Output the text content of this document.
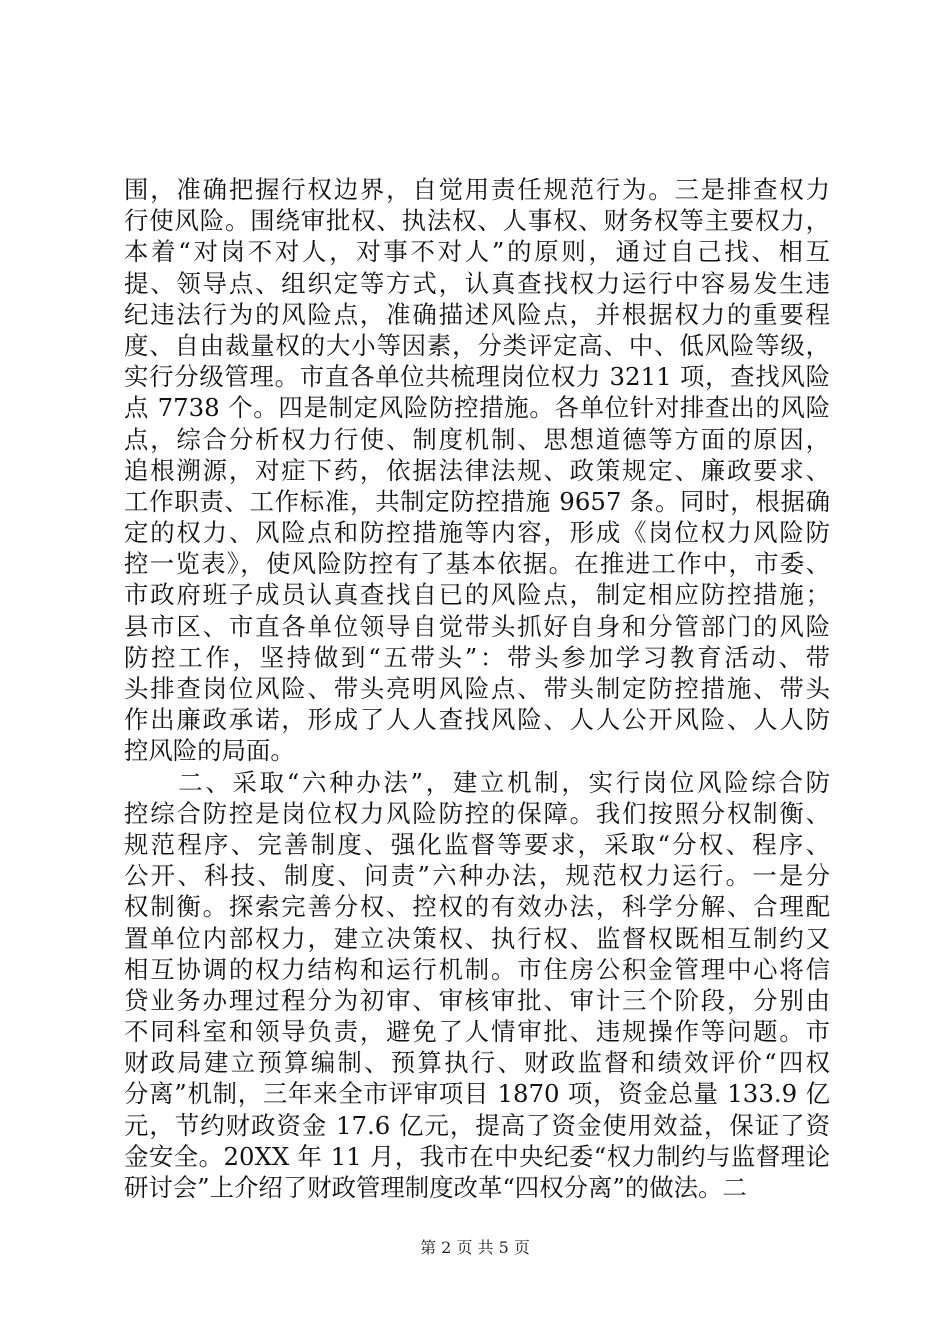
围，准确把握行权边界，自觉用责任规范行为。三是排查权力
行使风险。围绕审批权、执法权、人事权、财务权等主要权力，
本着“对岗不对人，对事不对人”的原则，通过自己找、相互
提、领导点、组织定等方式，认真查找权力运行中容易发生违
纪违法行为的风险点，准确描述风险点，并根据权力的重要程
度、自由裁量权的大小等因素，分类评定高、中、低风险等级，
实行分级管理。市直各单位共梳理岗位权力 3211 项，查找风险
点 7738 个。四是制定风险防控措施。各单位针对排查出的风险
点，综合分析权力行使、制度机制、思想道德等方面的原因，
追根溯源，对症下药，依据法律法规、政策规定、廉政要求、
工作职责、工作标准，共制定防控措施 9657 条。同时，根据确
定的权力、风险点和防控措施等内容，形成《岗位权力风险防
控一览表》，使风险防控有了基本依据。在推进工作中，市委、
市政府班子成员认真查找自已的风险点，制定相应防控措施；
县市区、市直各单位领导自觉带头抓好自身和分管部门的风险
防控工作，坚持做到“五带头”：带头参加学习教育活动、带
头排查岗位风险、带头亮明风险点、带头制定防控措施、带头
作出廉政承诺，形成了人人查找风险、人人公开风险、人人防
控风险的局面。
　　二、采取“六种办法”，建立机制，实行岗位风险综合防
控综合防控是岗位权力风险防控的保障。我们按照分权制衡、
规范程序、完善制度、强化监督等要求，采取“分权、程序、
公开、科技、制度、问责”六种办法，规范权力运行。一是分
权制衡。探索完善分权、控权的有效办法，科学分解、合理配
置单位内部权力，建立决策权、执行权、监督权既相互制约又
相互协调的权力结构和运行机制。市住房公积金管理中心将信
贷业务办理过程分为初审、审核审批、审计三个阶段，分别由
不同科室和领导负责，避免了人情审批、违规操作等问题。市
财政局建立预算编制、预算执行、财政监督和绩效评价“四权
分离”机制，三年来全市评审项目 1870 项，资金总量 133.9 亿
元，节约财政资金 17.6 亿元，提高了资金使用效益，保证了资
金安全。20XX 年 11 月，我市在中央纪委“权力制约与监督理论
研讨会”上介绍了财政管理制度改革“四权分离”的做法。二
第 2 页 共 5 页
